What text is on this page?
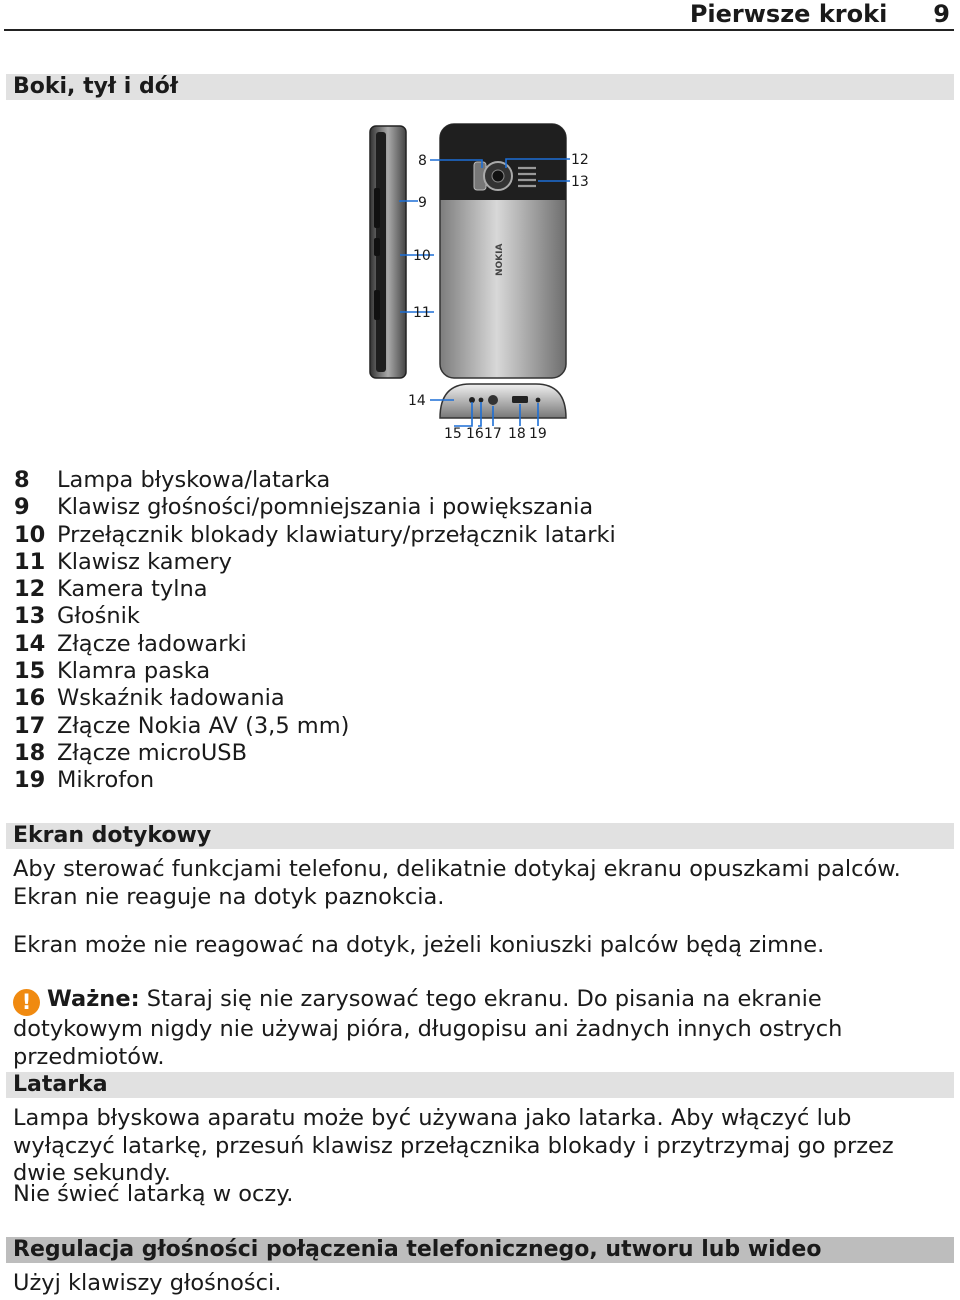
Pierwsze kroki 9
Boki, tył i dół
NOKIA
8
9
10
11
12
13
14
15 16 17 18 19
8	Lampa błyskowa/latarka
9	Klawisz głośności/pomniejszania i powiększania
10 Przełącznik blokady klawiatury/przełącznik latarki
11 Klawisz kamery
12 Kamera tylna
13 Głośnik
14 Złącze ładowarki
15 Klamra paska
16 Wskaźnik ładowania
17 Złącze Nokia AV (3,5 mm)
18 Złącze microUSB
19 Mikrofon
Ekran dotykowy
Aby sterować funkcjami telefonu, delikatnie dotykaj ekranu opuszkami palców. Ekran nie reaguje na dotyk paznokcia.
Ekran może nie reagować na dotyk, jeżeli koniuszki palców będą zimne.
! Ważne: Staraj się nie zarysować tego ekranu. Do pisania na ekranie dotykowym nigdy nie używaj pióra, długopisu ani żadnych innych ostrych przedmiotów.
Latarka
Lampa błyskowa aparatu może być używana jako latarka. Aby włączyć lub wyłączyć latarkę, przesuń klawisz przełącznika blokady i przytrzymaj go przez dwie sekundy.
Nie świeć latarką w oczy.
Regulacja głośności połączenia telefonicznego, utworu lub wideo
Użyj klawiszy głośności.
